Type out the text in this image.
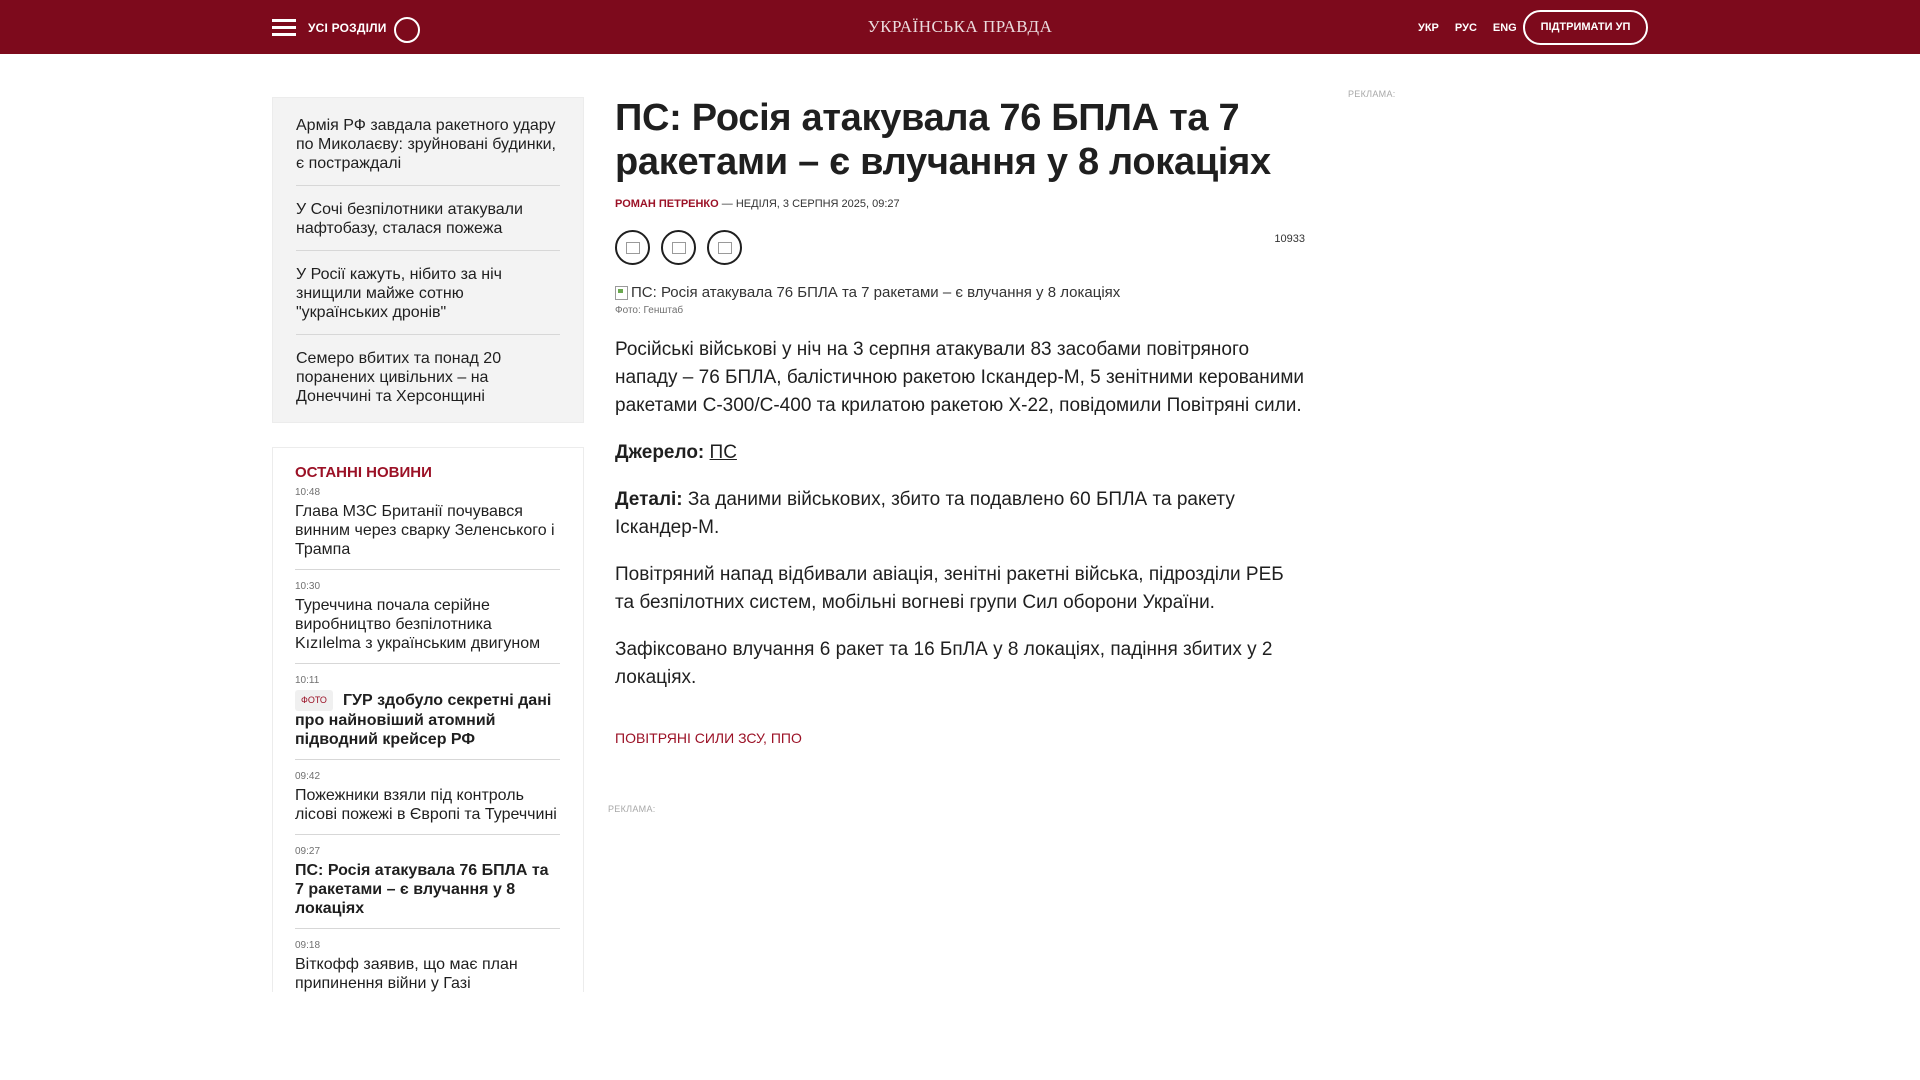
УСІ РОЗДІЛИ	УКРАЇНСЬКА ПРАВДА	УКР РУС ENG	ПІДТРИМАТИ УП
Армія РФ завдала ракетного удару по Миколаєву: зруйновані будинки, є постраждалі
У Сочі безпілотники атакували нафтобазу, сталася пожежа
У Росії кажуть, нібито за ніч знищили майже сотню "українських дронів"
Семеро вбитих та понад 20 поранених цивільних – на Донеччині та Херсонщині
ОСТАННІ НОВИНИ
10:48
Глава МЗС Британії почувався винним через сварку Зеленського і Трампа
10:30
Туреччина почала серійне виробництво безпілотника Kızılelma з українським двигуном
10:11
ФОТО ГУР здобуло секретні дані про найновіший атомний підводний крейсер РФ
09:42
Пожежники взяли під контроль лісові пожежі в Європі та Туреччині
09:27
ПС: Росія атакувала 76 БПЛА та 7 ракетами – є влучання у 8 локаціях
09:18
Віткофф заявив, що має план припинення війни у Газі
ПС: Росія атакувала 76 БПЛА та 7 ракетами – є влучання у 8 локаціях
РОМАН ПЕТРЕНКО — НЕДІЛЯ, 3 СЕРПНЯ 2025, 09:27
10933
ПС: Росія атакувала 76 БПЛА та 7 ракетами – є влучання у 8 локаціях
Фото: Генштаб

Російські військові у ніч на 3 серпня атакували 83 засобами повітряного нападу – 76 БПЛА, балістичною ракетою Іскандер-М, 5 зенітними керованими ракетами С-300/С-400 та крилатою ракетою Х-22, повідомили Повітряні сили.

Джерело: ПС

Деталі: За даними військових, збито та подавлено 60 БПЛА та ракету Іскандер-М.

Повітряний напад відбивали авіація, зенітні ракетні війська, підрозділи РЕБ та безпілотних систем, мобільні вогневі групи Сил оборони України.

Зафіксовано влучання 6 ракет та 16 БпЛА у 8 локаціях, падіння збитих у 2 локаціях.

ПОВІТРЯНІ СИЛИ ЗСУ, ППО
РЕКЛАМА:
РЕКЛАМА:
